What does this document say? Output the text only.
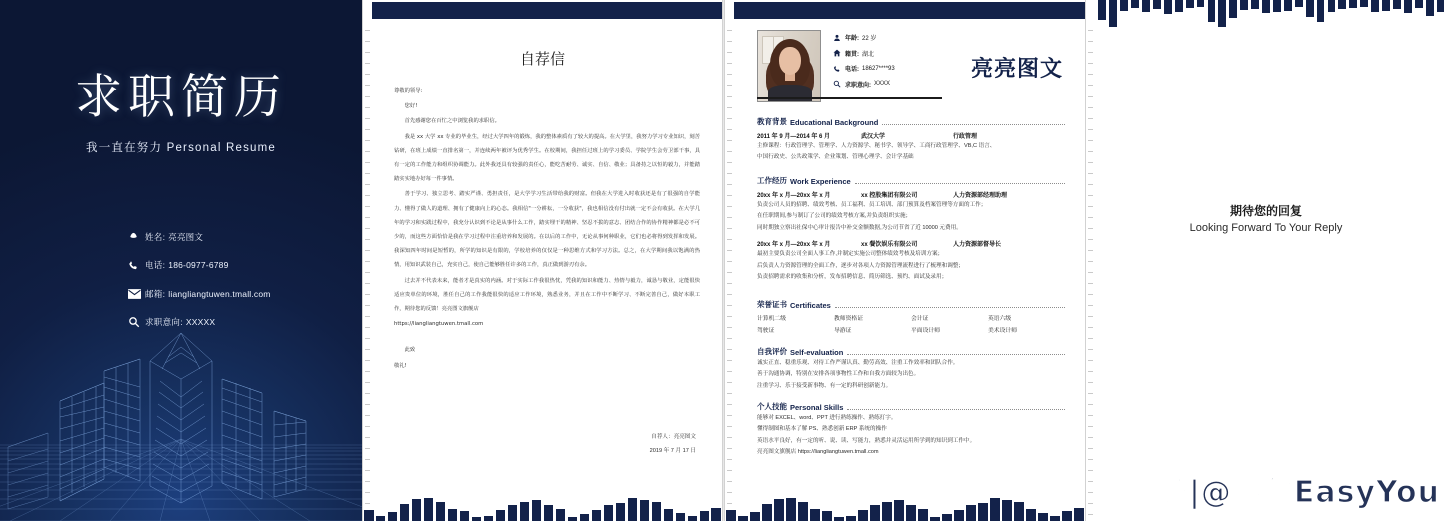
求职简历
我一直在努力 Personal Resume
姓名: 亮亮图文
电话: 186-0977-6789
邮箱: liangliangtuwen.tmall.com
求职意向: XXXXX
自荐信

尊敬的领导:

您好!

首先感谢您在百忙之中浏览我的求职信。

我是 xx 大学 xx 专业的毕业生，经过大学四年的锻炼，我的整体素质有了较大的提高。在大学里，我努力学习专业知识，刻苦钻研，在班上成绩一直排名第一，并连续两年被评为优秀学生。在校期间，我担任过班上的学习委员、学院学生会劳卫部干事，具有一定的工作能力和组织协调能力。此外我还具有较强的责任心，能吃苦耐劳、诚实、自信、敬业；具备持之以恒的毅力，并能踏踏实实地办好每一件事情。

善于学习、独立思考、踏实严谨、勇担责任，是大学学习生活带给我的财富。但我在大学进入时收获还是有了很强的自学能力、懂得了做人的道理、拥有了健康向上的心态。我相信"一分耕耘，一分收获"，我也相信没有付出就一定不会有收获。在大学几年的学习和实践过程中，我充分认识到不论是从事什么工作，踏实埋干的精神、坚忍不拔的意志、团结合作的协作精神都是必不可少的，而这些方面恰恰是我在学习过程中注重培养和发展的。在以后的工作中，无论从事何种职业，它们也必将得到发挥和发展。我深知四年时间是短暂的，所学的知识是有限的，学校培养的仅仅是一种思维方式和学习方法。总之，在大学期间我以饱满的热情，用知识武装自己，充实自己，使自己能够胜任许多的工作，真正做到游刃有余。

过去并不代表未来，能者才是真实的内涵。对于实际工作我很热忱，凭我的知识和能力、热情与毅力，诚恳与敬业，定能很快适应贵单位的环境，胜任自己的工作我能很快的适应工作环境，熟悉业务，并且在工作中不断学习、不断完善自己，做好本职工作，期待您的反馈！亮亮图文旗舰店

https://liangliangtuwen.tmall.com

此致

敬礼!

自荐人：亮亮图文
2019 年 7 月 17 日
年龄: 22 岁
籍贯: 湖北
电话: 18627****93
求职意向: XXXX
亮亮图文
教育背景 Educational Background
2011 年 9 月—2014 年 6 月	武汉大学	行政管理
主修课程：行政管理学、管理学、人力资源学、秘书学、领导学、工商行政管理学、VB,C 语言、
中国行政史、公共政策学、企业策划、管理心理学、会计学基础
工作经历 Work Experience
20xx 年 x 月—20xx 年 x 月	xx 控股集团有限公司	人力资源部经理助理
负责公司人员的招聘、绩效考核、员工福利、员工培训、部门预算及档案管理等方面的工作；
在任职期间,参与制订了公司的绩效考核方案,并负责组织实施；
同时期独立察出社保中心审计报告中补交金额数据,为公司节省了近 10000 元费用。
20xx 年 x 月—20xx 年 x 月	xx 餐饮娱乐有限公司	人力资源部督导长
最初主要负责公司全面人事工作,并制定实施公司整体绩效考核及培训方案；
后负责人力资源管理的全面工作，逐步对各项人力资源管理流程进行了梳理和调整；
负责招聘需求的收集和分析，发布招聘信息、简历筛选、预约、面试及录用；
荣誉证书 Certificates
计算机二级	教师资格证	会计证	英语六级
驾驶证	导游证	平面设计师	美术设计师
自我评价 Self-evaluation
诚实正直、稳重乐观、对待工作严谨认真、勤劳高效、注重工作效率和团队合作。
善于沟通协调，特别在安排各项事物性工作和自我方面较为出色。
注重学习、乐于接受新事物、有一定的科研创新能力。
个人技能 Personal Skills
能够对 EXCEL、word、PPT 进行熟练操作、熟练打字。
懂得制图和基本了解 PS、熟悉创新 ERP 系统的操作
英语水平良好，有一定的听、说、读、写能力，熟悉并灵活运用所学到的知识到工作中。
亮亮图文旗舰店 https://liangliangtuwen.tmall.com
期待您的回复
Looking Forward To Your Reply
头条|@易尔EasyYou
